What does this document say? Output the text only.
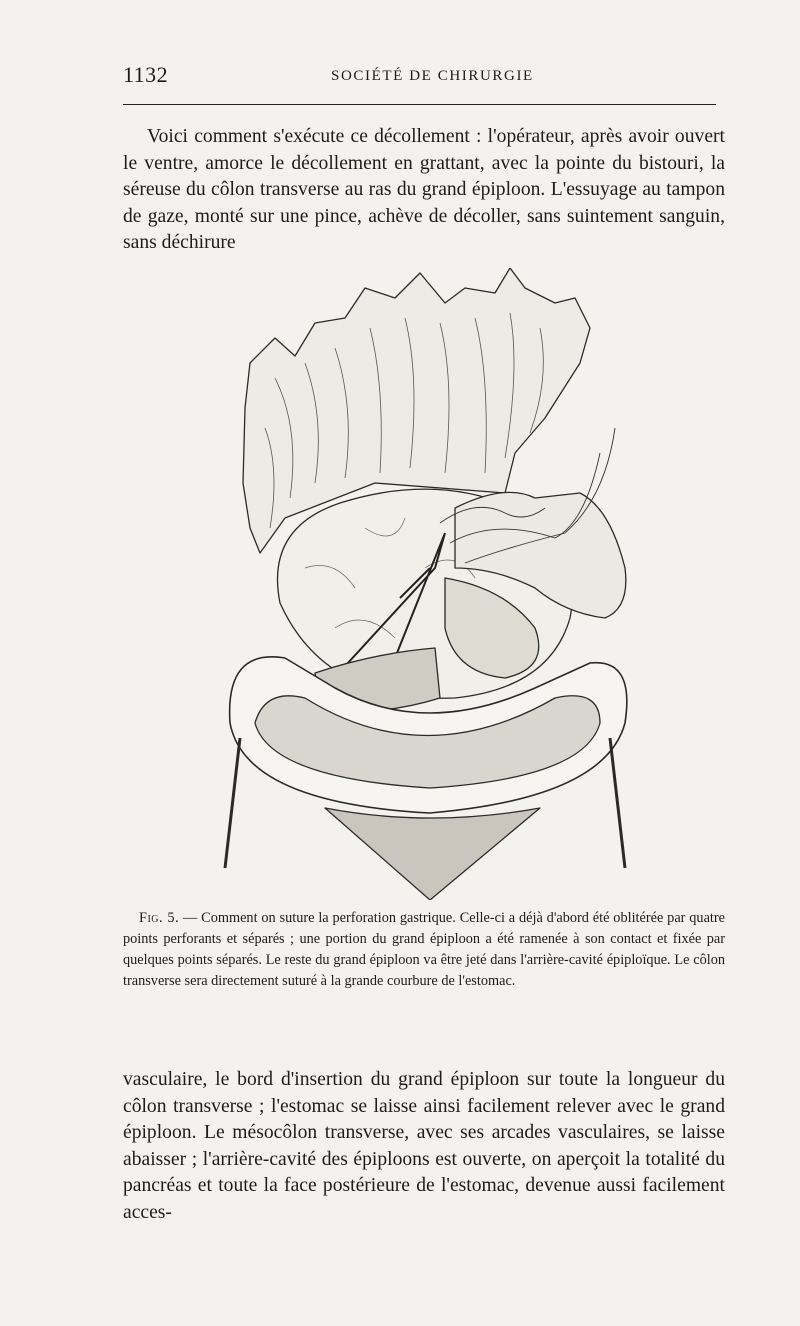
1132	SOCIÉTÉ DE CHIRURGIE

Voici comment s'exécute ce décollement : l'opérateur, après avoir ouvert le ventre, amorce le décollement en grattant, avec la pointe du bistouri, la séreuse du côlon transverse au ras du grand épiploon. L'essuyage au tampon de gaze, monté sur une pince, achève de décoller, sans suintement sanguin, sans déchirure

Fig. 5. — Comment on suture la perforation gastrique. Celle-ci a déjà d'abord été oblitérée par quatre points perforants et séparés ; une portion du grand épiploon a été ramenée à son contact et fixée par quelques points séparés. Le reste du grand épiploon va être jeté dans l'arrière-cavité épiploïque. Le côlon transverse sera directement suturé à la grande courbure de l'estomac.

vasculaire, le bord d'insertion du grand épiploon sur toute la longueur du côlon transverse ; l'estomac se laisse ainsi facilement relever avec le grand épiploon. Le mésocôlon transverse, avec ses arcades vasculaires, se laisse abaisser ; l'arrière-cavité des épiploons est ouverte, on aperçoit la totalité du pancréas et toute la face postérieure de l'estomac, devenue aussi facilement acces-
